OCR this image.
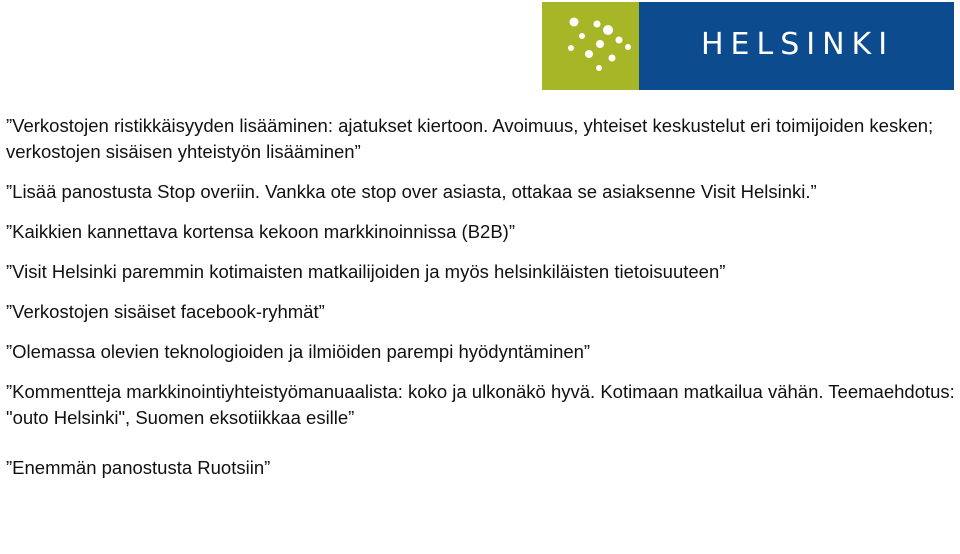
HELSINKI

”Verkostojen ristikkäisyyden lisääminen: ajatukset kiertoon. Avoimuus, yhteiset keskustelut eri toimijoiden kesken; verkostojen sisäisen yhteistyön lisääminen”

”Lisää panostusta Stop overiin. Vankka ote stop over asiasta, ottakaa se asiaksenne Visit Helsinki.”

”Kaikkien kannettava kortensa kekoon markkinoinnissa (B2B)”

”Visit Helsinki paremmin kotimaisten matkailijoiden ja myös helsinkiläisten tietoisuuteen”

”Verkostojen sisäiset facebook-ryhmät”

”Olemassa olevien teknologioiden ja ilmiöiden parempi hyödyntäminen”

”Kommentteja markkinointiyhteistyömanuaalista: koko ja ulkonäkö hyvä. Kotimaan matkailua vähän. Teemaehdotus: "outo Helsinki", Suomen eksotiikkaa esille”

”Enemmän panostusta Ruotsiin”
